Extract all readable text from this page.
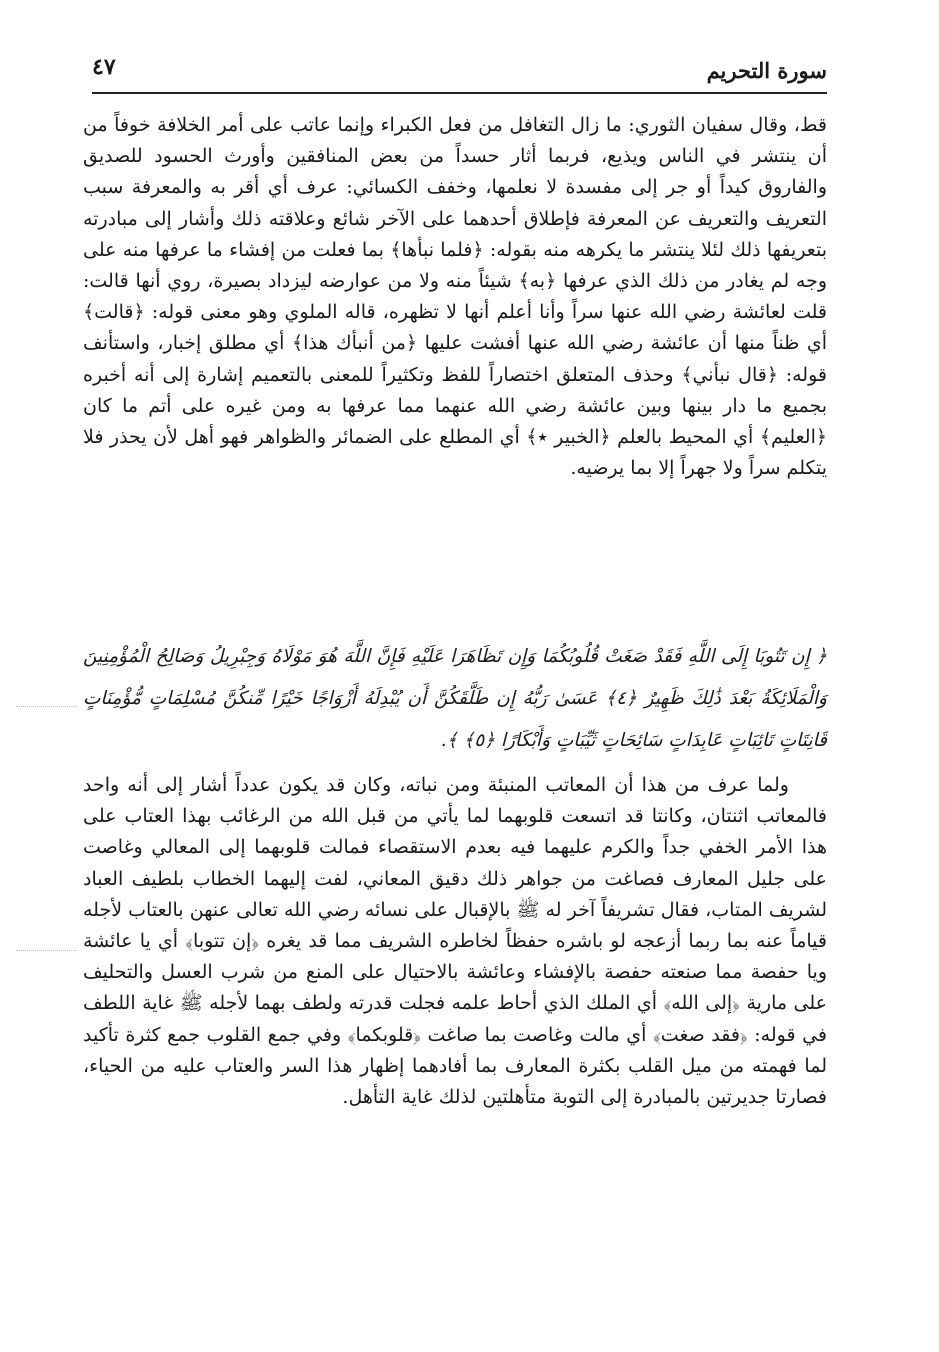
سورة التحريم
٤٧

قط، وقال سفيان الثوري: ما زال التغافل من فعل الكبراء وإنما عاتب على أمر الخلافة خوفاً من أن ينتشر في الناس ويذيع، فربما أثار حسداً من بعض المنافقين وأورث الحسود للصديق والفاروق كيداً أو جر إلى مفسدة لا نعلمها، وخفف الكسائي: عرف أي أقر به والمعرفة سبب التعريف والتعريف عن المعرفة فإطلاق أحدهما على الآخر شائع وعلاقته ذلك وأشار إلى مبادرته بتعريفها ذلك لئلا ينتشر ما يكرهه منه بقوله: ﴿فلما نبأها﴾ بما فعلت من إفشاء ما عرفها منه على وجه لم يغادر من ذلك الذي عرفها ﴿به﴾ شيئاً منه ولا من عوارضه ليزداد بصيرة، روي أنها قالت: قلت لعائشة رضي الله عنها سراً وأنا أعلم أنها لا تظهره، قاله الملوي وهو معنى قوله: ﴿قالت﴾ أي ظناً منها أن عائشة رضي الله عنها أفشت عليها ﴿من أنبأك هذا﴾ أي مطلق إخبار، واستأنف قوله: ﴿قال نبأني﴾ وحذف المتعلق اختصاراً للفظ وتكثيراً للمعنى بالتعميم إشارة إلى أنه أخبره بجميع ما دار بينها وبين عائشة رضي الله عنهما مما عرفها به ومن غيره على أتم ما كان ﴿العليم﴾ أي المحيط بالعلم ﴿الخبير ٭﴾ أي المطلع على الضمائر والظواهر فهو أهل لأن يحذر فلا يتكلم سراً ولا جهراً إلا بما يرضيه.

﴿ إِن تَتُوبَا إِلَى اللَّهِ فَقَدْ صَغَتْ قُلُوبُكُمَا وَإِن تَظَاهَرَا عَلَيْهِ فَإِنَّ اللَّهَ هُوَ مَوْلَاهُ وَجِبْرِيلُ وَصَالِحُ الْمُؤْمِنِينَ وَالْمَلَائِكَةُ بَعْدَ ذَٰلِكَ ظَهِيرٌ ﴿٤﴾ عَسَىٰ رَبُّهُ إِن طَلَّقَكُنَّ أَن يُبْدِلَهُ أَزْوَاجًا خَيْرًا مِّنكُنَّ مُسْلِمَاتٍ مُّؤْمِنَاتٍ قَانِتَاتٍ تَائِبَاتٍ عَابِدَاتٍ سَائِحَاتٍ ثَيِّبَاتٍ وَأَبْكَارًا ﴿٥﴾ ﴾.

ولما عرف من هذا أن المعاتب المنبئة ومن نباته، وكان قد يكون عدداً أشار إلى أنه واحد فالمعاتب اثنتان، وكانتا قد اتسعت قلوبهما لما يأتي من قبل الله من الرغائب بهذا العتاب على هذا الأمر الخفي جداً والكرم عليهما فيه بعدم الاستقصاء فمالت قلوبهما إلى المعالي وغاصت على جليل المعارف فصاغت من جواهر ذلك دقيق المعاني، لفت إليهما الخطاب بلطيف العباد لشريف المتاب، فقال تشريفاً آخر له ﷺ بالإقبال على نسائه رضي الله تعالى عنهن بالعتاب لأجله قياماً عنه بما ربما أزعجه لو باشره حفظاً لخاطره الشريف مما قد يغره ﴿إن تتوبا﴾ أي يا عائشة ويا حفصة مما صنعته حفصة بالإفشاء وعائشة بالاحتيال على المنع من شرب العسل والتحليف على مارية ﴿إلى الله﴾ أي الملك الذي أحاط علمه فجلت قدرته ولطف بهما لأجله ﷺ غاية اللطف في قوله: ﴿فقد صغت﴾ أي مالت وغاصت بما صاغت ﴿قلوبكما﴾ وفي جمع القلوب جمع كثرة تأكيد لما فهمته من ميل القلب بكثرة المعارف بما أفادهما إظهار هذا السر والعتاب عليه من الحياء، فصارتا جديرتين بالمبادرة إلى التوبة متأهلتين لذلك غاية التأهل.
